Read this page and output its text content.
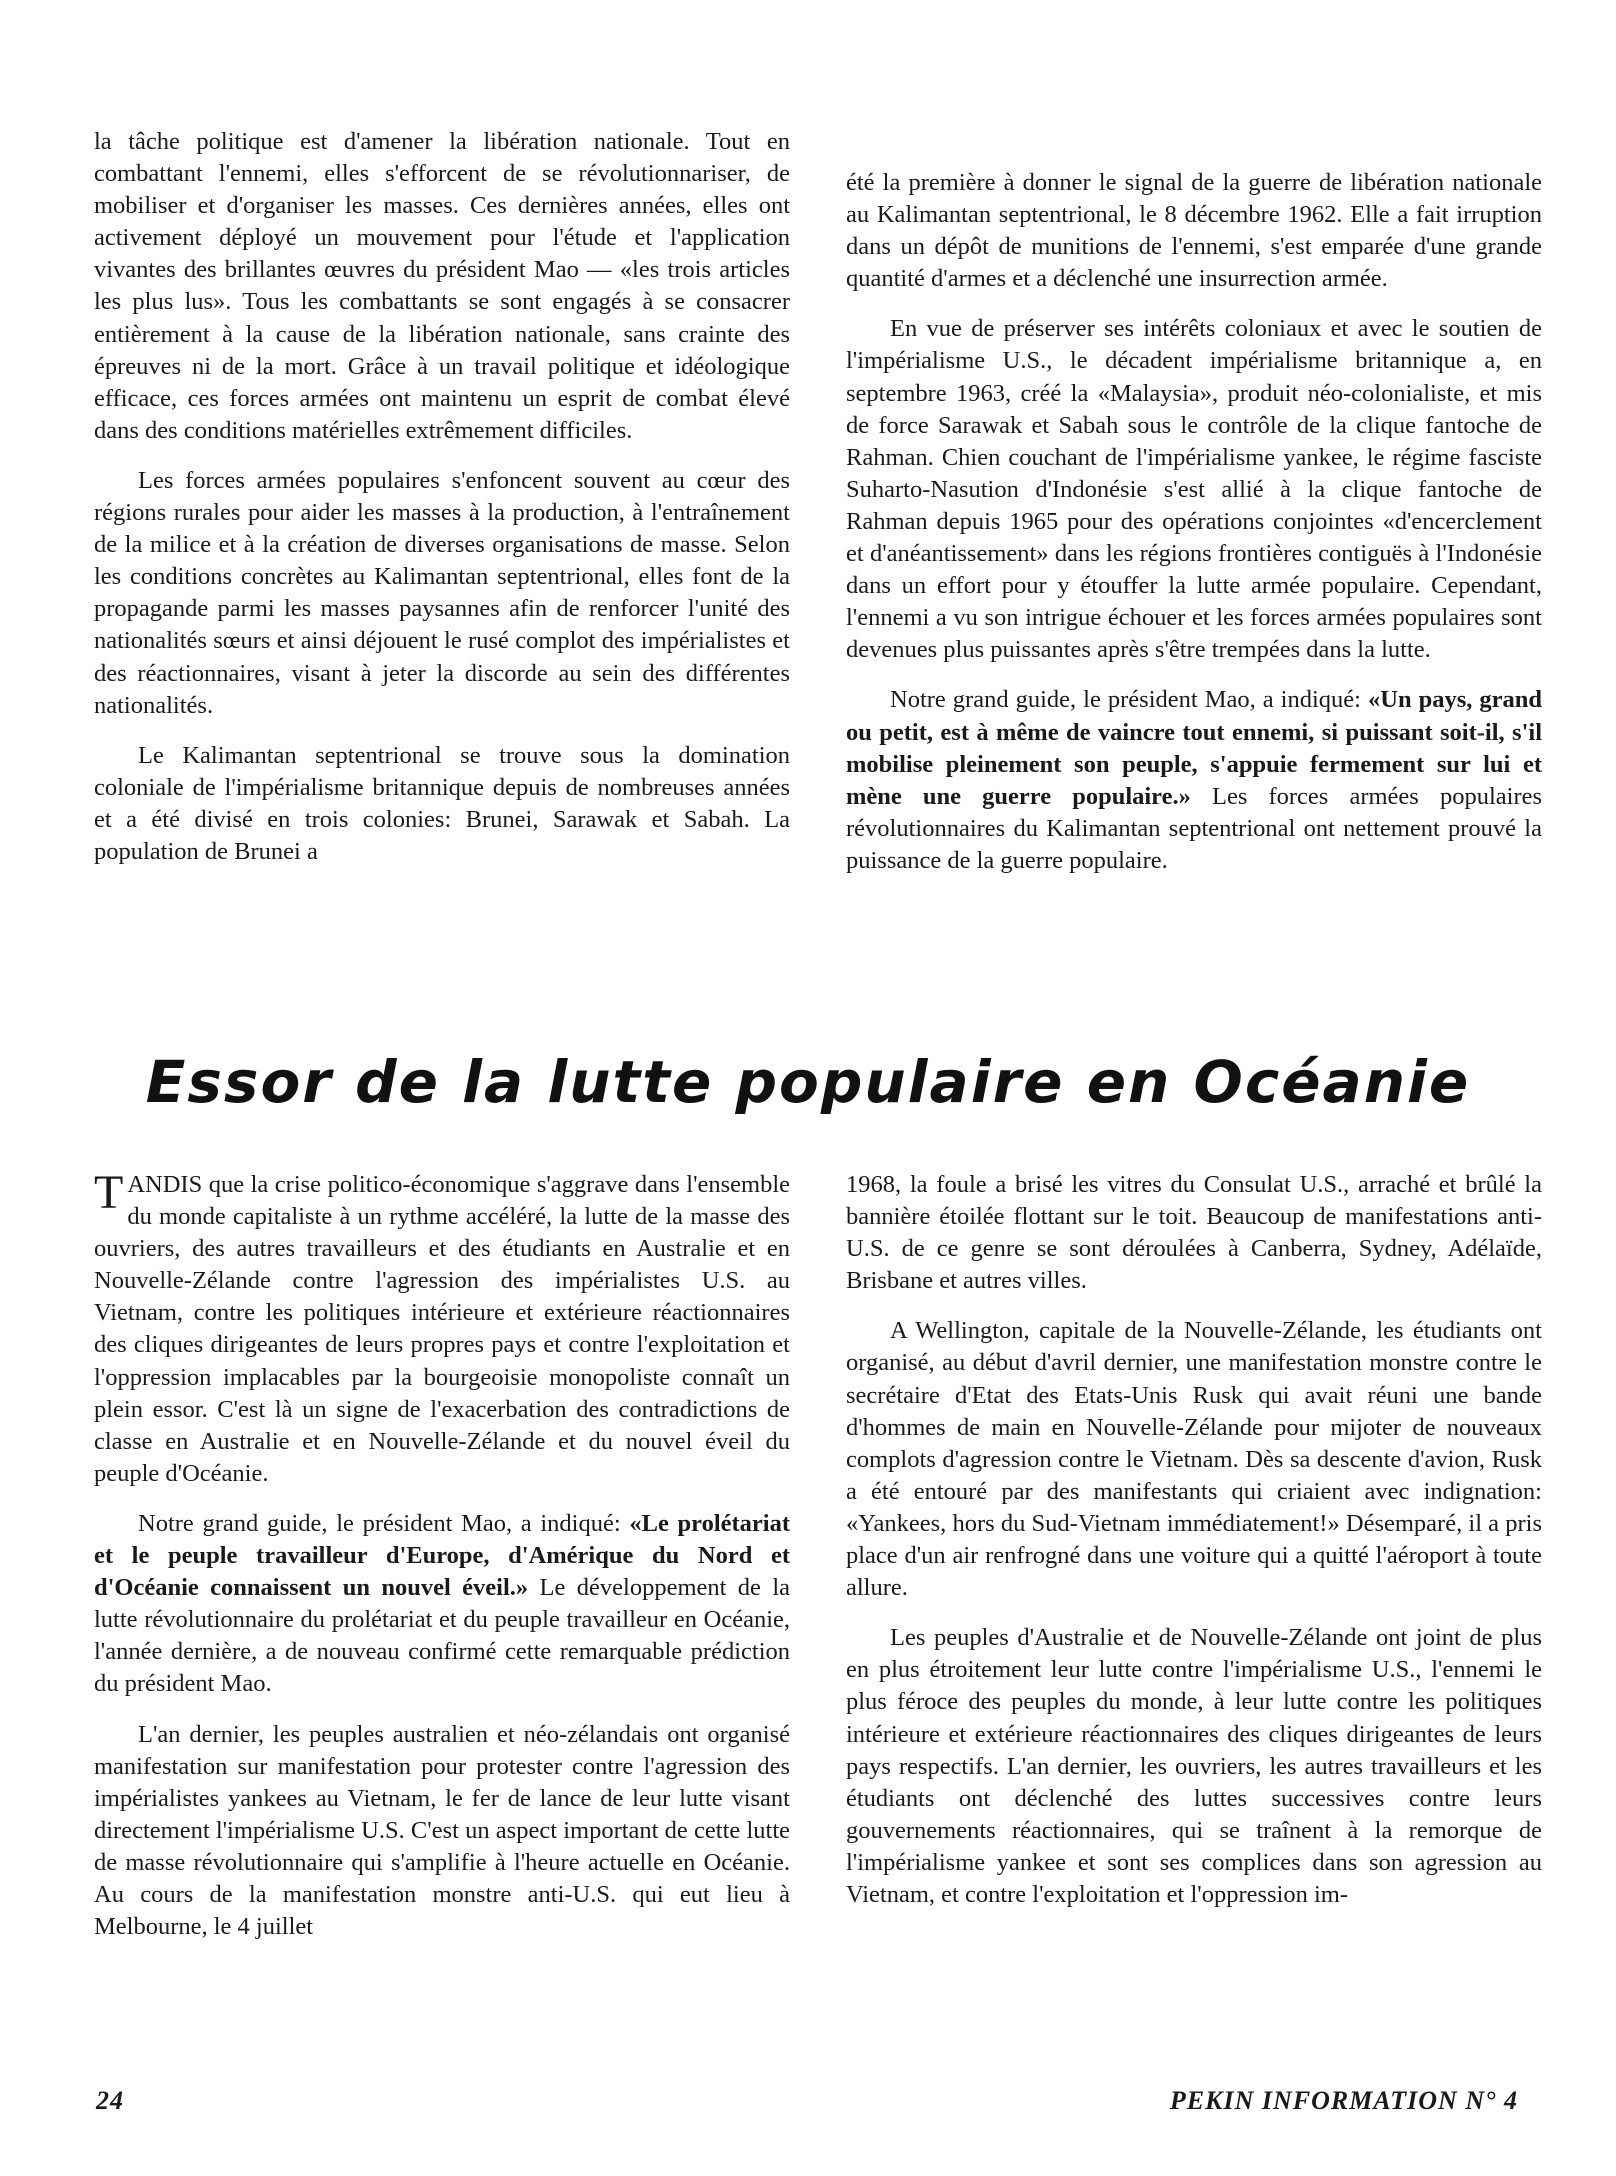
la tâche politique est d'amener la libération nationale. Tout en combattant l'ennemi, elles s'efforcent de se révolutionnariser, de mobiliser et d'organiser les masses. Ces dernières années, elles ont activement déployé un mouvement pour l'étude et l'application vivantes des brillantes œuvres du président Mao — «les trois articles les plus lus». Tous les combattants se sont engagés à se consacrer entièrement à la cause de la libération nationale, sans crainte des épreuves ni de la mort. Grâce à un travail politique et idéologique efficace, ces forces armées ont maintenu un esprit de combat élevé dans des conditions matérielles extrêmement difficiles.

Les forces armées populaires s'enfoncent souvent au cœur des régions rurales pour aider les masses à la production, à l'entraînement de la milice et à la création de diverses organisations de masse. Selon les conditions concrètes au Kalimantan septentrional, elles font de la propagande parmi les masses paysannes afin de renforcer l'unité des nationalités sœurs et ainsi déjouent le rusé complot des impérialistes et des réactionnaires, visant à jeter la discorde au sein des différentes nationalités.

Le Kalimantan septentrional se trouve sous la domination coloniale de l'impérialisme britannique depuis de nombreuses années et a été divisé en trois colonies: Brunei, Sarawak et Sabah. La population de Brunei a

été la première à donner le signal de la guerre de libération nationale au Kalimantan septentrional, le 8 décembre 1962. Elle a fait irruption dans un dépôt de munitions de l'ennemi, s'est emparée d'une grande quantité d'armes et a déclenché une insurrection armée.

En vue de préserver ses intérêts coloniaux et avec le soutien de l'impérialisme U.S., le décadent impérialisme britannique a, en septembre 1963, créé la «Malaysia», produit néo-colonialiste, et mis de force Sarawak et Sabah sous le contrôle de la clique fantoche de Rahman. Chien couchant de l'impérialisme yankee, le régime fasciste Suharto-Nasution d'Indonésie s'est allié à la clique fantoche de Rahman depuis 1965 pour des opérations conjointes «d'encerclement et d'anéantissement» dans les régions frontières contiguës à l'Indonésie dans un effort pour y étouffer la lutte armée populaire. Cependant, l'ennemi a vu son intrigue échouer et les forces armées populaires sont devenues plus puissantes après s'être trempées dans la lutte.

Notre grand guide, le président Mao, a indiqué: «Un pays, grand ou petit, est à même de vaincre tout ennemi, si puissant soit-il, s'il mobilise pleinement son peuple, s'appuie fermement sur lui et mène une guerre populaire.» Les forces armées populaires révolutionnaires du Kalimantan septentrional ont nettement prouvé la puissance de la guerre populaire.

Essor de la lutte populaire en Océanie

TANDIS que la crise politico-économique s'aggrave dans l'ensemble du monde capitaliste à un rythme accéléré, la lutte de la masse des ouvriers, des autres travailleurs et des étudiants en Australie et en Nouvelle-Zélande contre l'agression des impérialistes U.S. au Vietnam, contre les politiques intérieure et extérieure réactionnaires des cliques dirigeantes de leurs propres pays et contre l'exploitation et l'oppression implacables par la bourgeoisie monopoliste connaît un plein essor. C'est là un signe de l'exacerbation des contradictions de classe en Australie et en Nouvelle-Zélande et du nouvel éveil du peuple d'Océanie.

Notre grand guide, le président Mao, a indiqué: «Le prolétariat et le peuple travailleur d'Europe, d'Amérique du Nord et d'Océanie connaissent un nouvel éveil.» Le développement de la lutte révolutionnaire du prolétariat et du peuple travailleur en Océanie, l'année dernière, a de nouveau confirmé cette remarquable prédiction du président Mao.

L'an dernier, les peuples australien et néo-zélandais ont organisé manifestation sur manifestation pour protester contre l'agression des impérialistes yankees au Vietnam, le fer de lance de leur lutte visant directement l'impérialisme U.S. C'est un aspect important de cette lutte de masse révolutionnaire qui s'amplifie à l'heure actuelle en Océanie. Au cours de la manifestation monstre anti-U.S. qui eut lieu à Melbourne, le 4 juillet

1968, la foule a brisé les vitres du Consulat U.S., arraché et brûlé la bannière étoilée flottant sur le toit. Beaucoup de manifestations anti-U.S. de ce genre se sont déroulées à Canberra, Sydney, Adélaïde, Brisbane et autres villes.

A Wellington, capitale de la Nouvelle-Zélande, les étudiants ont organisé, au début d'avril dernier, une manifestation monstre contre le secrétaire d'Etat des Etats-Unis Rusk qui avait réuni une bande d'hommes de main en Nouvelle-Zélande pour mijoter de nouveaux complots d'agression contre le Vietnam. Dès sa descente d'avion, Rusk a été entouré par des manifestants qui criaient avec indignation: «Yankees, hors du Sud-Vietnam immédiatement!» Désemparé, il a pris place d'un air renfrogné dans une voiture qui a quitté l'aéroport à toute allure.

Les peuples d'Australie et de Nouvelle-Zélande ont joint de plus en plus étroitement leur lutte contre l'impérialisme U.S., l'ennemi le plus féroce des peuples du monde, à leur lutte contre les politiques intérieure et extérieure réactionnaires des cliques dirigeantes de leurs pays respectifs. L'an dernier, les ouvriers, les autres travailleurs et les étudiants ont déclenché des luttes successives contre leurs gouvernements réactionnaires, qui se traînent à la remorque de l'impérialisme yankee et sont ses complices dans son agression au Vietnam, et contre l'exploitation et l'oppression im-

24	PEKIN INFORMATION N° 4
